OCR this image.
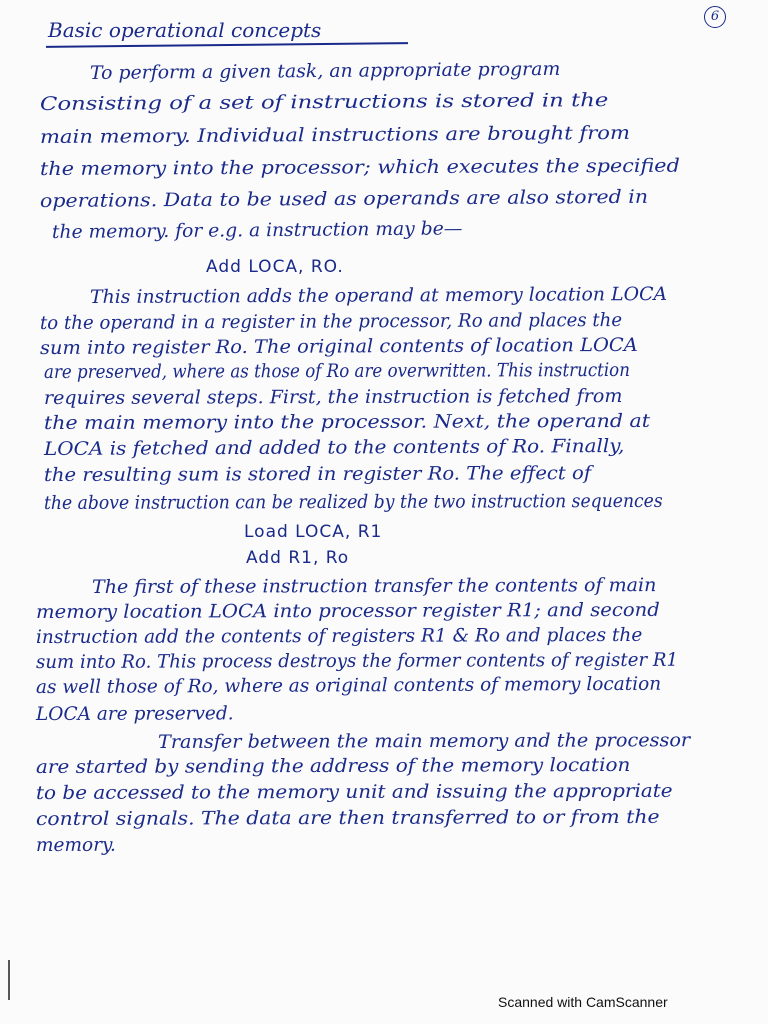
Basic operational concepts
6
To perform a given task, an appropriate program
Consisting of a set of instructions is stored in the
main memory. Individual instructions are brought from
the memory into the processor; which executes the specified
operations. Data to be used as operands are also stored in
the memory. for e.g. a instruction may be—
Add LOCA, RO.
This instruction adds the operand at memory location LOCA
to the operand in a register in the processor, Ro and places the
sum into register Ro. The original contents of location LOCA
are preserved, where as those of Ro are overwritten. This instruction
requires several steps. First, the instruction is fetched from
the main memory into the processor. Next, the operand at
LOCA is fetched and added to the contents of Ro. Finally,
the resulting sum is stored in register Ro. The effect of
the above instruction can be realized by the two instruction sequences
Load LOCA, R1
Add R1, Ro
The first of these instruction transfer the contents of main
memory location LOCA into processor register R1; and second
instruction add the contents of registers R1 & Ro and places the
sum into Ro. This process destroys the former contents of register R1
as well those of Ro, where as original contents of memory location
LOCA are preserved.
Transfer between the main memory and the processor
are started by sending the address of the memory location
to be accessed to the memory unit and issuing the appropriate
control signals. The data are then transferred to or from the
memory.
Scanned with CamScanner
